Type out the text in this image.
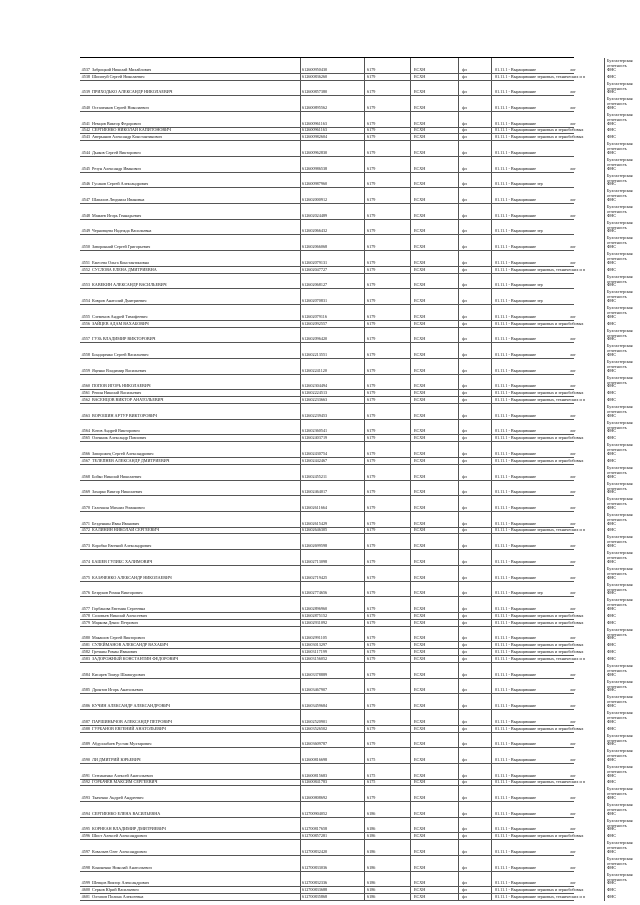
4537 Заброцкий Николай Михайлович	612600950430	6179	ЕСХН	фл	01.11.1 - Выращивание	лог	ФНС
Бухгалтерская отчетность
4538 Шипатуй Сергей Николаевич	612600836260	6179	ЕСХН	фл	01.11.1 - Выращивание зерновых, технических и п	ФНС
4539 ПРИХОДЬКО АЛЕКСАНДР НИКОЛАЕВИЧ	612600857380	6179	ЕСХН	фл	01.11.1 - Выращивание	лог	ФНС
Бухгалтерская отчетность
4540 Остапенков Сергей Николаевич	612600895562	6179	ЕСХН	фл	01.11.1 - Выращивание	лог	ФНС
Бухгалтерская отчетность
4541 Немцов Виктор Федорович	612600961163	6179	ЕСХН	фл	01.11.1 - Выращивание	лог	ФНС
Бухгалтерская отчетность
4542 СЕРГИЕНКО НИКОЛАЙ КАПИТОНОВИЧ	612600961163	6179	ЕСХН	фл	01.11.1 - Выращивание зерновых и зернобобовых	ФНС
4543 Аверьянов Александр Константинович	612600982604	6179	ЕСХН	фл	01.11.1 - Выращивание зерновых и зернобобовых	ФНС
4544 Дьяков Сергей Викторович	612600962830	6179	ЕСХН	фл	01.11.1 - Выращивание	ФНС
Бухгалтерская отчетность
4545 Резун Александр Иванович	612600986538	6179	ЕСХН	фл	01.11.1 - Выращивание	лог	ФНС
Бухгалтерская отчетность
4546 Гусаков Сергей Александрович	612600987960	6179	ЕСХН	фл	01.11.1 - Выращивание зер	ФНС
Бухгалтерская отчетность
4547 Шапалов Людмила Ивановна	612602000912	6179	ЕСХН	фл	01.11.1 - Выращивание	лог	ФНС
Бухгалтерская отчетность
4548 Мамаев Игорь Геннадьевич	612602024489	6179	ЕСХН	фл	01.11.1 - Выращивание	лог	ФНС
Бухгалтерская отчетность
4549 Черновцева Надежда Васильевна	612602066432	6179	ЕСХН	фл	01.11.1 - Выращивание зер	ФНС
Бухгалтерская отчетность
4550 Заворонний Сергей Григорьевич	612602066068	6179	ЕСХН	фл	01.11.1 - Выращивание	лог	ФНС
Бухгалтерская отчетность
4551 Ежесева Ольга Константиновна	612602079131	6179	ЕСХН	фл	01.11.1 - Выращивание	лог	ФНС
Бухгалтерская отчетность
4552 СУСЛОВА ЕЛЕНА ДМИТРИЕВНА	612602047727	6179	ЕСХН	фл	01.11.1 - Выращивание зерновых, технических и п	ФНС
4553 КАВЕКИН АЛЕКСАНДР ВАСИЛЬЕВИЧ	612602068127	6179	ЕСХН	фл	01.11.1 - Выращивание зер	ФНС
Бухгалтерская отчетность
4554 Ковров Анатолий Дмитриевич	612602070831	6179	ЕСХН	фл	01.11.1 - Выращивание зер	ФНС
Бухгалтерская отчетность
4555 Слеменов Андрей Тимофеевич	612602079116	6179	ЕСХН	фл	01.11.1 - Выращивание	лог	ФНС
Бухгалтерская отчетность
4556 ЗАЙЦЕВ АДАМ ВАХАБОВИЧ	612602092557	6179	ЕСХН	фл	01.11.1 - Выращивание зерновых и зернобобовых	ФНС
4557 ГУЗЬ ВЛАДИМИР ВИКТОРОВИЧ	612602096420	6179	ЕСХН	фл	01.11.1 - Выращивание	лог	ФНС
Бухгалтерская отчетность
4558 Бондаренко Сергей Васильевич	612602213551	6179	ЕСХН	фл	01.11.1 - Выращивание	лог	ФНС
Бухгалтерская отчетность
4559 Яценко Владимир Васильевич	612602241120	6179	ЕСХН	фл	01.11.1 - Выращивание	лог	ФНС
Бухгалтерская отчетность
4560 ПОПОВ ИГОРЬ НИКОЛАЕВИЧ	612602304494	6179	ЕСХН	фл	01.11.1 - Выращивание	лог	ФНС
Бухгалтерская отчетность
4561 Репин Николай Васильевич	612602224513	6179	ЕСХН	фл	01.11.1 - Выращивание зерновых и зернобобовых	ФНС
4562 ВАСЕНЦОВ ВИКТОР АНАТОЛЬЕВИЧ	612602233663	6179	ЕСХН	фл	01.11.1 - Выращивание зерновых, технических и п	ФНС
4563 ВОРОШИН АРТУР ВИКТОРОВИЧ	612602239453	6179	ЕСХН	фл	01.11.1 - Выращивание	лог	ФНС
Бухгалтерская отчетность
4564 Котов Андрей Викторович	612602360541	6179	ЕСХН	фл	01.11.1 - Выращивание	лог	ФНС
Бухгалтерская отчетность
4565 Оленник Александр Павлович	612602403719	6179	ЕСХН	фл	01.11.1 - Выращивание зерновых и зернобобовых	ФНС
4566 Запорожец Сергей Александрович	612602430754	6179	ЕСХН	фл	01.11.1 - Выращивание	лог	ФНС
Бухгалтерская отчетность
4567 ТЕЛЕПНЕВ АЛЕКСАНДР ДМИТРИЕВИЧ	612602442467	6179	ЕСХН	фл	01.11.1 - Выращивание зерновых и зернобобовых	ФНС
4568 Бойко Николай Николаевич	612602455211	6179	ЕСХН	фл	01.11.1 - Выращивание	лог	ФНС
Бухгалтерская отчетность
4569 Захарко Виктор Николаевич	612602464017	6179	ЕСХН	фл	01.11.1 - Выращивание	лог	ФНС
Бухгалтерская отчетность
4570 Галочкин Михаил Романович	612602611664	6179	ЕСХН	фл	01.11.1 - Выращивание	лог	ФНС
Бухгалтерская отчетность
4571 Безденкин Иван Иванович	612602615429	6179	ЕСХН	фл	01.11.1 - Выращивание	лог	ФНС
Бухгалтерская отчетность
4572 КАЛИНИН НИКОЛАЙ СЕРГЕЕВИЧ	612602646305	6179	ЕСХН	фл	01.11.1 - Выращивание зерновых, технических и п	ФНС
4573 Коробко Евгений Александрович	612602699598	6179	ЕСХН	фл	01.11.1 - Выращивание	лог	ФНС
Бухгалтерская отчетность
4574 БАШЕВ ГУЛИБС ХАЛИМОВИЧ	612602713098	6179	ЕСХН	фл	01.11.1 - Выращивание	лог	ФНС
Бухгалтерская отчетность
4575 КАЗАЧЕНКО АЛЕКСАНДР НИКОЛАЕВИЧ	612602719425	6179	ЕСХН	фл	01.11.1 - Выращивание	лог	ФНС
Бухгалтерская отчетность
4576 Безруков Роман Викторович	612602774656	6179	ЕСХН	фл	01.11.1 - Выращивание зер	лог	ФНС
Бухгалтерская отчетность
4577 Горбанова Евгения Сергеевна	612602896960	6179	ЕСХН	фл	01.11.1 - Выращивание	лог	ФНС
Бухгалтерская отчетность
4578 Соловьев Николай Алексеевич	612602875152	6179	ЕСХН	фл	01.11.1 - Выращивание зерновых и зернобобовых	ФНС
4579 Маркова Денис Петрович	612602931092	6179	ЕСХН	фл	01.11.1 - Выращивание зерновых и зернобобовых	ФНС
4580 Макашов Сергей Викторович	612602991105	6179	ЕСХН	фл	01.11.1 - Выращивание	лог	ФНС
Бухгалтерская отчетность
4581 СУЛЕЙМАНОВ АЛЕКСАНДР ВАХАБИЧ	612603013297	6179	ЕСХН	фл	01.11.1 - Выращивание зерновых и зернобобовых	ФНС
4582 Гречкин Роман Иванович	612603117199	6179	ЕСХН	фл	01.11.1 - Выращивание зерновых и зернобобовых	ФНС
4583 ЗАДОРОЖНЫЙ КОНСТАНТИН ФЕДОРОВИЧ	612603156052	6179	ЕСХН	фл	01.11.1 - Выращивание зерновых, технических и п	ФНС
4584 Кисарев Тимур Шамшурович	612603378889	6179	ЕСХН	фл	01.11.1 - Выращивание	лог	ФНС
Бухгалтерская отчетность
4585 Дронтов Игорь Анатольевич	612603467907	6179	ЕСХН	фл	01.11.1 - Выращивание	лог	ФНС
Бухгалтерская отчетность
4586 КУЧИН АЛЕКСАНДР АЛЕКСАНДРОВИЧ	612603459684	6179	ЕСХН	фл	01.11.1 - Выращивание	лог	ФНС
Бухгалтерская отчетность
4587 ПАРШИНЫЧОВ АЛЕКСАНДР ПЕТРОВИЧ	612602520901	6179	ЕСХН	фл	01.11.1 - Выращивание	лог	ФНС
Бухгалтерская отчетность
4588 ГУРБАНОВ ЕВГЕНИЙ АНАТОЛЬЕВИЧ	612603526502	6179	ЕСХН	фл	01.11.1 - Выращивание зерновых и зернобобовых	ФНС
4589 Абдуллабаев Рустам Мухтарович	612603609787	6179	ЕСХН	фл	01.11.1 - Выращивание	лог	ФНС
Бухгалтерская отчетность
4590 ЛИ ДМИТРИЙ ЮРЬЕВИЧ	612600816698	6175	ЕСХН	фл	01.11.1 - Выращивание	лог	ФНС
Бухгалтерская отчетность
4591 Степаненко Алексей Анатольевич	612600815683	6175	ЕСХН	фл	01.11.1 - Выращивание	лог	ФНС
Бухгалтерская отчетность
4592 ГОРБАЧЁВ МАКСИМ СЕРГЕЕВИЧ	612600841783	6175	ЕСХН	фл	01.11.1 - Выращивание зерновых, технических и п	ФНС
4593 Ткаченко Андрей Андреевич	612600808692	6179	ЕСХН	фл	01.11.1 - Выращивание	лог	ФНС
Бухгалтерская отчетность
4594 СЕРГИЕНКО ЕЛЕНА ВАСИЛЬЕВНА	612700904052	6186	ЕСХН	фл	01.11.1 - Выращивание	лог	ФНС
Бухгалтерская отчетность
4595 КОРНЕАН ВЛАДИМИР ДМИТРИЕВИЧ	612700817658	6186	ЕСХН	фл	01.11.1 - Выращивание	лог	ФНС
Бухгалтерская отчетность
4596 Шист Алексей Александрович	612700857281	6186	ЕСХН	фл	01.11.1 - Выращивание зерновых и зернобобовых	ФНС
4597 Ковальев Олег Александрович	612700832420	6186	ЕСХН	фл	01.11.1 - Выращивание	лог	ФНС
Бухгалтерская отчетность
4598 Кононенко Николай Анатольевич	612700833036	6186	ЕСХН	фл	01.11.1 - Выращивание	лог	ФНС
Бухгалтерская отчетность
4599 Шевцов Виктор Александрович	612700832336	6186	ЕСХН	фл	01.11.1 - Выращивание	лог	ФНС
Бухгалтерская отчетность
4600 Серков Юрий Васильевич	612700833688	6186	ЕСХН	фл	01.11.1 - Выращивание зерновых и зернобобовых	ФНС
4601 Олтапов Полина Алексеевна	612700835868	6186	ЕСХН	фл	01.11.1 - Выращивание зерновых, технических и п	ФНС
